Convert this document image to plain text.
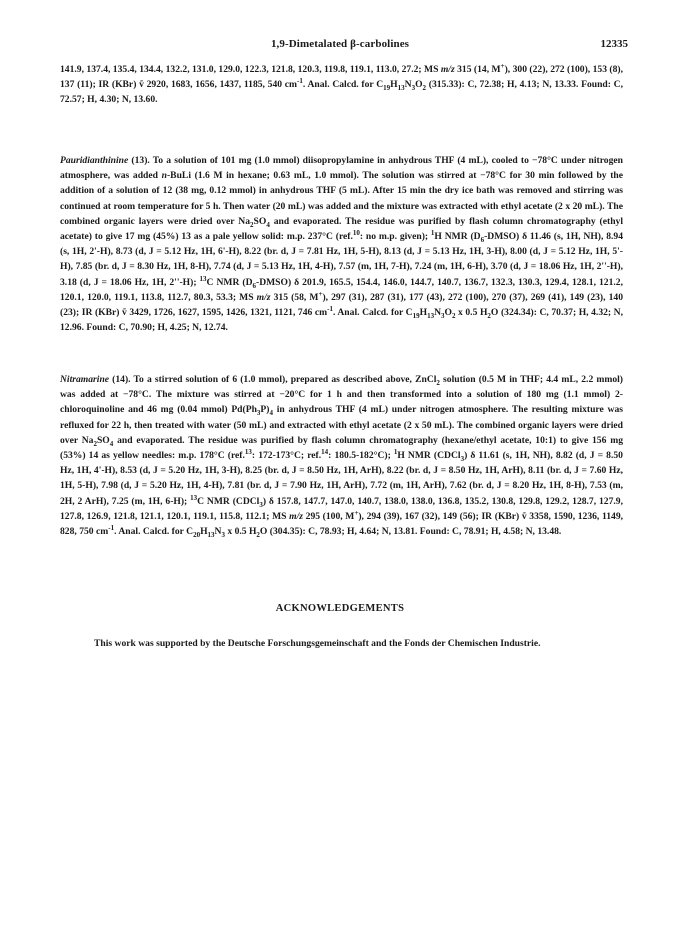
1,9-Dimetalated β-carbolines	12335

141.9, 137.4, 135.4, 134.4, 132.2, 131.0, 129.0, 122.3, 121.8, 120.3, 119.8, 119.1, 113.0, 27.2; MS m/z 315 (14, M+), 300 (22), 272 (100), 153 (8), 137 (11); IR (KBr) ṽ 2920, 1683, 1656, 1437, 1185, 540 $cm^{-1}$. Anal. Calcd. for $C_{19}H_{13}N_3O_2$ (315.33): C, 72.38; H, 4.13; N, 13.33. Found: C, 72.57; H, 4.30; N, 13.60.

Pauridianthinine (13). To a solution of 101 mg (1.0 mmol) diisopropylamine in anhydrous THF (4 mL), cooled to −78°C under nitrogen atmosphere, was added n-BuLi (1.6 M in hexane; 0.63 mL, 1.0 mmol). The solution was stirred at −78°C for 30 min followed by the addition of a solution of 12 (38 mg, 0.12 mmol) in anhydrous THF (5 mL). After 15 min the dry ice bath was removed and stirring was continued at room temperature for 5 h. Then water (20 mL) was added and the mixture was extracted with ethyl acetate (2 x 20 mL). The combined organic layers were dried over $Na_2SO_4$ and evaporated. The residue was purified by flash column chromatography (ethyl acetate) to give 17 mg (45%) 13 as a pale yellow solid: m.p. 237°C (ref.$^{10}$: no m.p. given); $^1$H NMR $(D_6-DMSO)$ δ 11.46 (s, 1H, NH), 8.94 (s, 1H, 2'-H), 8.73 (d, J = 5.12 Hz, 1H, 6'-H), 8.22 (br. d, J = 7.81 Hz, 1H, 5-H), 8.13 (d, J = 5.13 Hz, 1H, 3-H), 8.00 (d, J = 5.12 Hz, 1H, 5'-H), 7.85 (br. d, J = 8.30 Hz, 1H, 8-H), 7.74 (d, J = 5.13 Hz, 1H, 4-H), 7.57 (m, 1H, 7-H), 7.24 (m, 1H, 6-H), 3.70 (d, J = 18.06 Hz, 1H, 2''-H), 3.18 (d, J = 18.06 Hz, 1H, 2''-H); $^{13}$C NMR $(D_6-DMSO)$ δ 201.9, 165.5, 154.4, 146.0, 144.7, 140.7, 136.7, 132.3, 130.3, 129.4, 128.1, 121.2, 120.1, 120.0, 119.1, 113.8, 112.7, 80.3, 53.3; MS m/z 315 (58, M+), 297 (31), 287 (31), 177 (43), 272 (100), 270 (37), 269 (41), 149 (23), 140 (23); IR (KBr) ṽ 3429, 1726, 1627, 1595, 1426, 1321, 1121, 746 $cm^{-1}$. Anal. Calcd. for $C_{19}H_{13}N_3O_2$ x 0.5 $H_2O$ (324.34): C, 70.37; H, 4.32; N, 12.96. Found: C, 70.90; H, 4.25; N, 12.74.

Nitramarine (14). To a stirred solution of 6 (1.0 mmol), prepared as described above, ZnCl$_2$ solution (0.5 M in THF; 4.4 mL, 2.2 mmol) was added at −78°C. The mixture was stirred at −20°C for 1 h and then transformed into a solution of 180 mg (1.1 mmol) 2-chloroquinoline and 46 mg (0.04 mmol) $Pd(Ph_3P)_4$ in anhydrous THF (4 mL) under nitrogen atmosphere. The resulting mixture was refluxed for 22 h, then treated with water (50 mL) and extracted with ethyl acetate (2 x 50 mL). The combined organic layers were dried over $Na_2SO_4$ and evaporated. The residue was purified by flash column chromatography (hexane/ethyl acetate, 10:1) to give 156 mg (53%) 14 as yellow needles: m.p. 178°C (ref.$^{13}$: 172-173°C; ref.$^{14}$: 180.5-182°C); $^1$H NMR (CDCl$_3$) δ 11.61 (s, 1H, NH), 8.82 (d, J = 8.50 Hz, 1H, 4'-H), 8.53 (d, J = 5.20 Hz, 1H, 3-H), 8.25 (br. d, J = 8.50 Hz, 1H, ArH), 8.22 (br. d, J = 8.50 Hz, 1H, ArH), 8.11 (br. d, J = 7.60 Hz, 1H, 5-H), 7.98 (d, J = 5.20 Hz, 1H, 4-H), 7.81 (br. d, J = 7.90 Hz, 1H, ArH), 7.72 (m, 1H, ArH), 7.62 (br. d, J = 8.20 Hz, 1H, 8-H), 7.53 (m, 2H, 2 ArH), 7.25 (m, 1H, 6-H); $^{13}$C NMR (CDCl$_3$) δ 157.8, 147.7, 147.0, 140.7, 138.0, 138.0, 136.8, 135.2, 130.8, 129.8, 129.2, 128.7, 127.9, 127.8, 126.9, 121.8, 121.1, 120.1, 119.1, 115.8, 112.1; MS m/z 295 (100, M+), 294 (39), 167 (32), 149 (56); IR (KBr) ṽ 3358, 1590, 1236, 1149, 828, 750 $cm^{-1}$. Anal. Calcd. for $C_{20}H_{13}N_3$ x 0.5 $H_2O$ (304.35): C, 78.93; H, 4.64; N, 13.81. Found: C, 78.91; H, 4.58; N, 13.48.

ACKNOWLEDGEMENTS

This work was supported by the Deutsche Forschungsgemeinschaft and the Fonds der Chemischen Industrie.
